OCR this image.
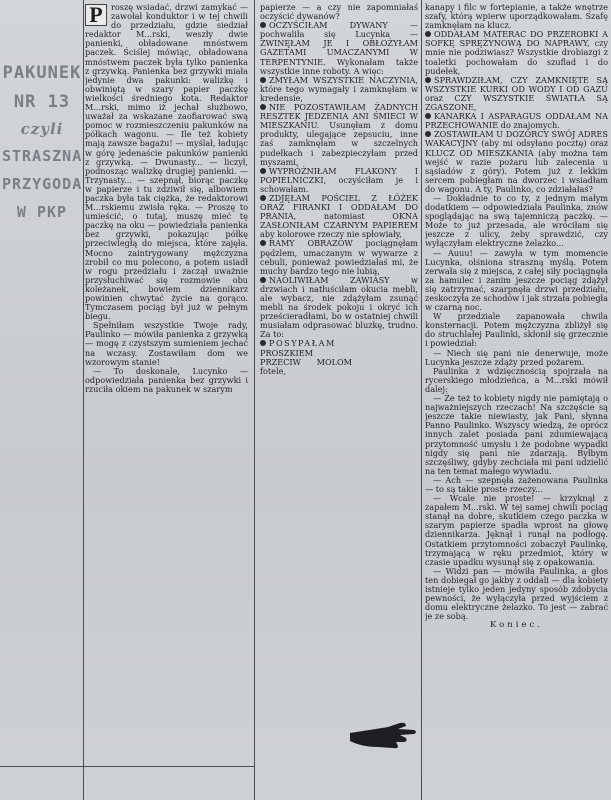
PAKUNEK
NR 13
czyli
STRASZNA
PRZYGODA
W PKP

P	roszę wsiadać, drzwi zamykać — zawołał konduktor i w tej chwili do przedziału, gdzie siedział redaktor M...rski, weszły dwie panienki, obładowane mnóstwem paczek. Ściślej mówiąc, obładowana mnóstwem paczek była tylko panienka z grzywką. Panienka bez grzywki miała jedynie dwa pakunki: walizkę i obwiniętą w szary papier paczkę wielkości średniego kota. Redaktor M...rski, mimo iż jechał służbowo, uważał za wskazane zaofiarować swą pomoc w rozmieszczeniu pakunków na półkach wagonu. — Ile też kobiety mają zawsze bagażu! — myślał, ładując w górę jedenaście pakunków panienki z grzywką. — Dwunasty... — liczył, podnosząc walizkę drugiej panienki. — Trzynasty... — szepnął, biorąc paczkę w papierze i tu zdziwił się, albowiem paczka była tak ciężka, że redaktorowi M...rskiemu zwisła ręka. — Proszę to umieścić, o tutaj, muszę mieć tę paczkę na oku — powiedziała panienka bez grzywki, pokazując półkę przeciwległą do miejsca, które zajęła. Mocno zaintrygowany mężczyzna zrobił co mu polecono, a potem usiadł w rogu przedziału i zaczął uważnie przysłuchiwać się rozmowie obu koleżanek, bowiem dziennikarz powinien chwytać życie na gorąco. Tymczasem pociąg był już w pełnym biegu.

Spełniłam wszystkie Twoje rady, Paulinko — mówiła panienka z grzywką — mogę z czystszym sumieniem jechać na wczasy. Zostawiłam dom we wzorowym stanie!

— To doskonale, Lucynko — odpowiedziała panienka bez grzywki i rzuciła okiem na pakunek w szarym

papierze — a czy nie zapomniałaś oczyścić dywanów?

OCZYŚCIŁAM DYWANY — pochwaliła się Lucynka — ZWINĘŁAM JE I OBŁOŻYŁAM GAZETAMI UMACZANYMI W TERPENTYNIE. Wykonałam także wszystkie inne roboty. A więc:

ZMYŁAM WSZYSTKIE NACZYNIA, które tego wymagały i zamknęłam w kredensie,

NIE POZOSTAWIŁAM ŻADNYCH RESZTEK JEDZENIA ANI ŚMIECI W MIESZKANIU. Usunęłam z domu produkty, ulegające zepsuciu, inne zaś zamknęłam w szczelnych pudełkach i zabezpieczyłam przed myszami,

WYPRÓŻNIŁAM FLAKONY I POPIELNICZKI, oczyściłam je i schowałam.

ZDJĘŁAM POŚCIEL Z ŁÓŻEK ORAZ FIRANKI I ODDAŁAM DO PRANIA, natomiast OKNA ZASŁONIŁAM CZARNYM PAPIEREM aby kolorowe rzeczy nie spłowiały,

RAMY OBRAZÓW pociągnęłam pędzlem, umaczanym w wywarze z cebuli, ponieważ powiedziałaś mi, że muchy bardzo tego nie lubią,

NAOLIWIŁAM ZAWIASY w drzwiach i natłuściłam okucia mebli, ale wybacz, nie zdążyłam zsunąć mebli na środek pokoju i okryć ich prześcieradłami, bo w ostatniej chwili musiałam odprasować bluzkę, trudno. Za to:

POSYPAŁAM PROSZKIEM PRZECIW MOLOM fotele,

kanapy i filc w fortepianie, a także wnętrze szafy, którą wpierw uporządkowałam. Szafę zamknęłam na klucz.

ODDAŁAM MATERAC DO PRZEROBKI A SOFKĘ SPRĘŻYNOWĄ DO NAPRAWY, czy mnie nie podziwiasz? Wszystkie drobiazgi z toaletki pochowałam do szuflad i do pudełek,

SPRAWDZIŁAM, CZY ZAMKNIĘTE SĄ WSZYSTKIE KURKI OD WODY I OD GAZU oraz CZY WSZYSTKIE ŚWIATŁA SĄ ZGASZONE,

KANARKA I ASPARAGUS ODDAŁAM NA PRZECHOWANIE do znajomych.

ZOSTAWIŁAM U DOZORCY SWÓJ ADRES WAKACYJNY (aby mi odsyłano pocztę) oraz KLUCZ OD MIESZKANIA (aby można tam wejść w razie pożaru lub zalecenia u sąsiadów z góry). Potem już z lekkim sercem pobiegłam na dworzec i wsiadłam do wagonu. A ty, Paulinko, co zdziałałaś?

— Dokładnie to co ty, z jednym małym dodatkiem — odpowiedziała Paulinka, znów spoglądając na swą tajemniczą paczkę. — Może to już przesada, ale wróciłam się jeszcze z ulicy, żeby sprawdzić, czy wyłączyłam elektryczne żelazko...

— Auuu! — zawyła w tym momencie Lucynka, olśniona straszną myślą. Potem zerwała się z miejsca, z całej siły pociągnęła za hamulec i zanim jeszcze pociąg zdążył się zatrzymać, szarpnęła drzwi przedziału, zeskoczyła ze schodów i jak strzała pobiegła w czarną noc.

W przedziale zapanowała chwila konsternacji. Potem mężczyzna zbliżył się do struchlałej Paulinki, skłonił się grzecznie i powiedział:

— Niech się pani nie denerwuje, może Lucynka jeszcze zdąży przed pożarem.

Paulinka z wdzięcznością spojrzała na rycerskiego młodzieńca, a M...rski mówił dalej:

— Że też to kobiety nigdy nie pamiętają o najważniejszych rzeczach! Na szczęście są jeszcze takie niewiasty, jak Pani, słynna Panno Paulinko. Wszyscy wiedzą, że oprócz innych zalet posiada pani zdumiewającą przytomność umysłu i że podobne wypadki nigdy się pani nie zdarzają. Byłbym szczęśliwy, gdyby zechciała mi pani udzielić na ten temat małego wywiadu.

— Ach — szepnęła zażenowana Paulinka — to są takie proste rzeczy...

— Wcale nie proste! — krzyknął z zapałem M...rski. W tej samej chwili pociąg stanął na dobre, skutkiem czego paczka w szarym papierze spadła wprost na głowę dziennikarza. Jęknął i runął na podłogę. Ostatkiem przytomności zobaczył Paulinkę, trzymającą w ręku przedmiot, który w czasie upadku wysunął się z opakowania.

— Widzi pan — mówiła Paulinka, a głos ten dobiegał go jakby z oddali — dla kobiety istnieje tylko jeden jedyny sposób zdobycia pewności, że wyłączyła przed wyjściem z domu elektryczne żelazko. To jest — zabrać je ze sobą.

Koniec.
